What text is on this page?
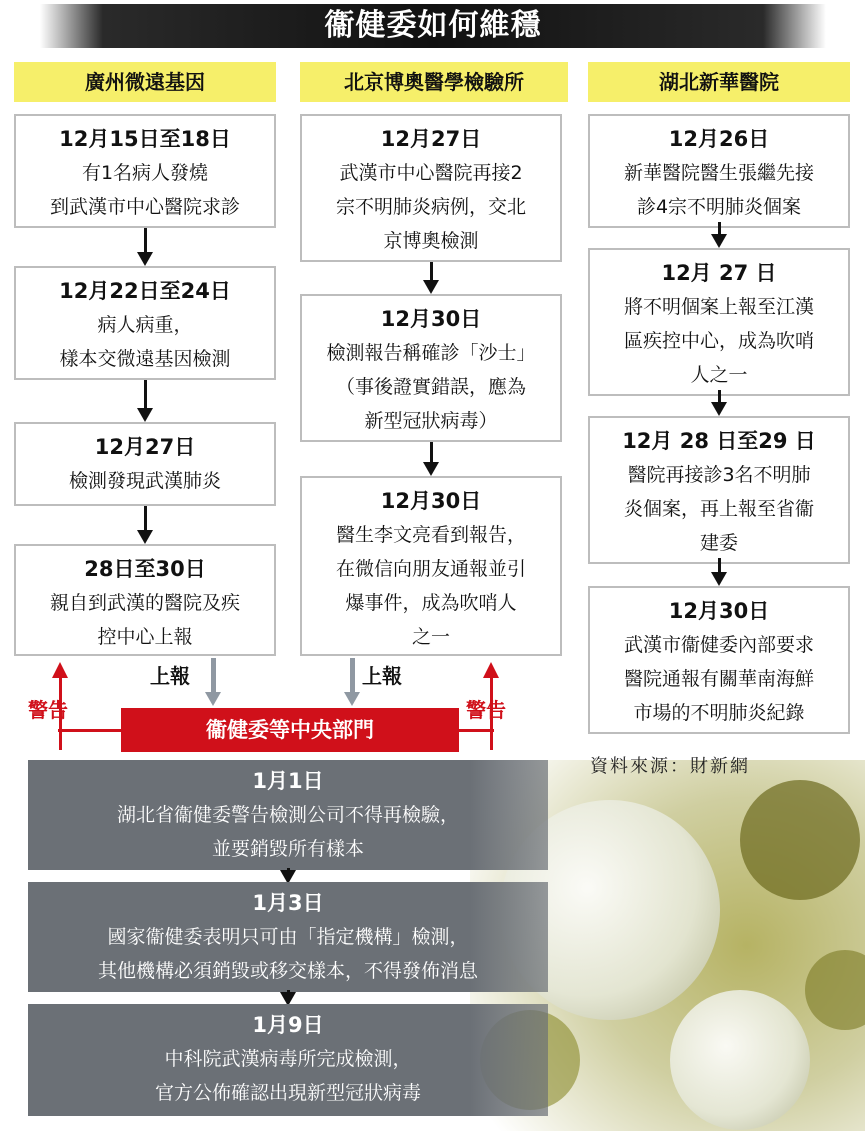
衞健委如何維穩
廣州微遠基因	北京博奧醫學檢驗所	湖北新華醫院
12月15日至18日
有1名病人發燒
到武漢市中心醫院求診
12月22日至24日
病人病重，
樣本交微遠基因檢測
12月27日
檢測發現武漢肺炎
28日至30日
親自到武漢的醫院及疾
控中心上報
12月27日
武漢市中心醫院再接2
宗不明肺炎病例，交北
京博奧檢測
12月30日
檢測報告稱確診「沙士」
（事後證實錯誤，應為
新型冠狀病毒）
12月30日
醫生李文亮看到報告，
在微信向朋友通報並引
爆事件，成為吹哨人
之一
12月26日
新華醫院醫生張繼先接
診4宗不明肺炎個案
12月 27 日
將不明個案上報至江漢
區疾控中心，成為吹哨
人之一
12月 28 日至29 日
醫院再接診3名不明肺
炎個案，再上報至省衞
建委
12月30日
武漢市衞健委內部要求
醫院通報有關華南海鮮
市場的不明肺炎紀錄
上報	上報
警告	警告
衞健委等中央部門
資料來源：財新網
1月1日
湖北省衞健委警告檢測公司不得再檢驗，
並要銷毀所有樣本
1月3日
國家衞健委表明只可由「指定機構」檢測，
其他機構必須銷毀或移交樣本，不得發佈消息
1月9日
中科院武漢病毒所完成檢測，
官方公佈確認出現新型冠狀病毒
